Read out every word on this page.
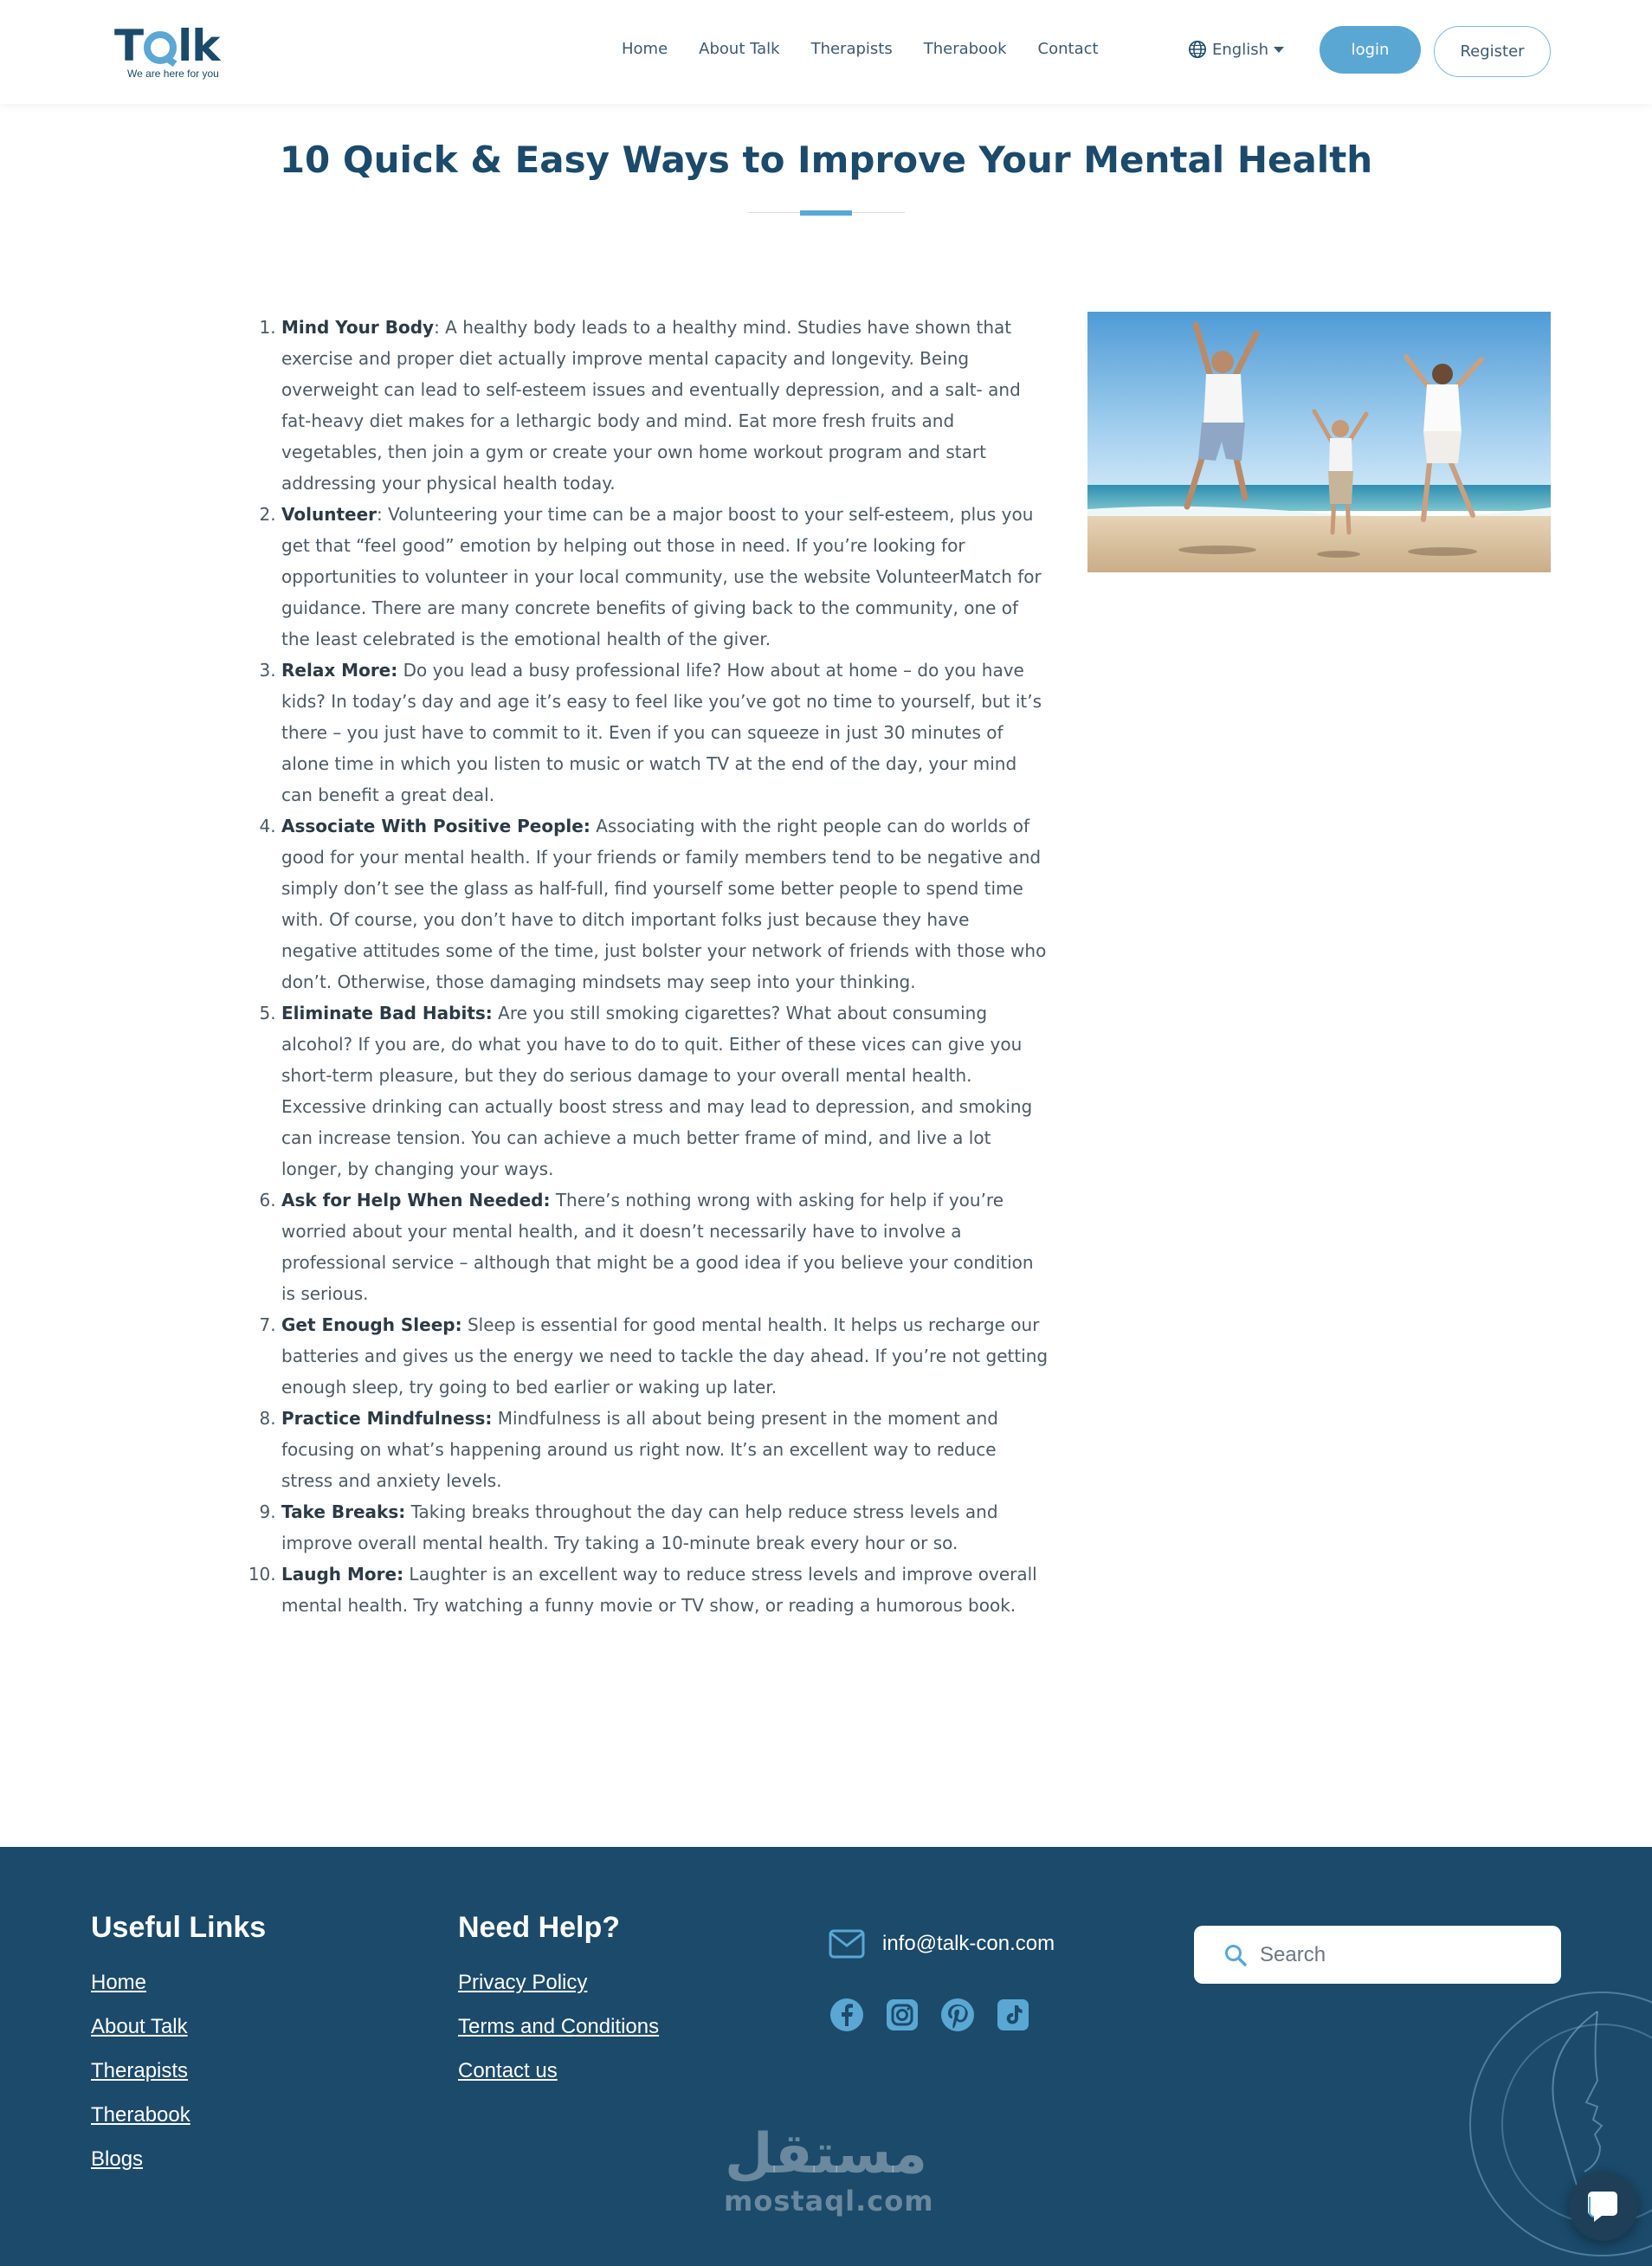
T lk
We are here for you
Home About Talk Therapists Therabook Contact	English	login	Register
10 Quick & Easy Ways to Improve Your Mental Health
1. Mind Your Body: A healthy body leads to a healthy mind. Studies have shown that exercise and proper diet actually improve mental capacity and longevity. Being overweight can lead to self-esteem issues and eventually depression, and a salt- and fat-heavy diet makes for a lethargic body and mind. Eat more fresh fruits and vegetables, then join a gym or create your own home workout program and start addressing your physical health today.
2. Volunteer: Volunteering your time can be a major boost to your self-esteem, plus you get that “feel good” emotion by helping out those in need. If you’re looking for opportunities to volunteer in your local community, use the website VolunteerMatch for guidance. There are many concrete benefits of giving back to the community, one of the least celebrated is the emotional health of the giver.
3. Relax More: Do you lead a busy professional life? How about at home – do you have kids? In today’s day and age it’s easy to feel like you’ve got no time to yourself, but it’s there – you just have to commit to it. Even if you can squeeze in just 30 minutes of alone time in which you listen to music or watch TV at the end of the day, your mind can benefit a great deal.
4. Associate With Positive People: Associating with the right people can do worlds of good for your mental health. If your friends or family members tend to be negative and simply don’t see the glass as half-full, find yourself some better people to spend time with. Of course, you don’t have to ditch important folks just because they have negative attitudes some of the time, just bolster your network of friends with those who don’t. Otherwise, those damaging mindsets may seep into your thinking.
5. Eliminate Bad Habits: Are you still smoking cigarettes? What about consuming alcohol? If you are, do what you have to do to quit. Either of these vices can give you short-term pleasure, but they do serious damage to your overall mental health. Excessive drinking can actually boost stress and may lead to depression, and smoking can increase tension. You can achieve a much better frame of mind, and live a lot longer, by changing your ways.
6. Ask for Help When Needed: There’s nothing wrong with asking for help if you’re worried about your mental health, and it doesn’t necessarily have to involve a professional service – although that might be a good idea if you believe your condition is serious.
7. Get Enough Sleep: Sleep is essential for good mental health. It helps us recharge our batteries and gives us the energy we need to tackle the day ahead. If you’re not getting enough sleep, try going to bed earlier or waking up later.
8. Practice Mindfulness: Mindfulness is all about being present in the moment and focusing on what’s happening around us right now. It’s an excellent way to reduce stress and anxiety levels.
9. Take Breaks: Taking breaks throughout the day can help reduce stress levels and improve overall mental health. Try taking a 10-minute break every hour or so.
10. Laugh More: Laughter is an excellent way to reduce stress levels and improve overall mental health. Try watching a funny movie or TV show, or reading a humorous book.
Useful Links
Home
About Talk
Therapists
Therabook
Blogs
Need Help?
Privacy Policy
Terms and Conditions
Contact us
info@talk-con.com
Search
مستقل
mostaql.com
